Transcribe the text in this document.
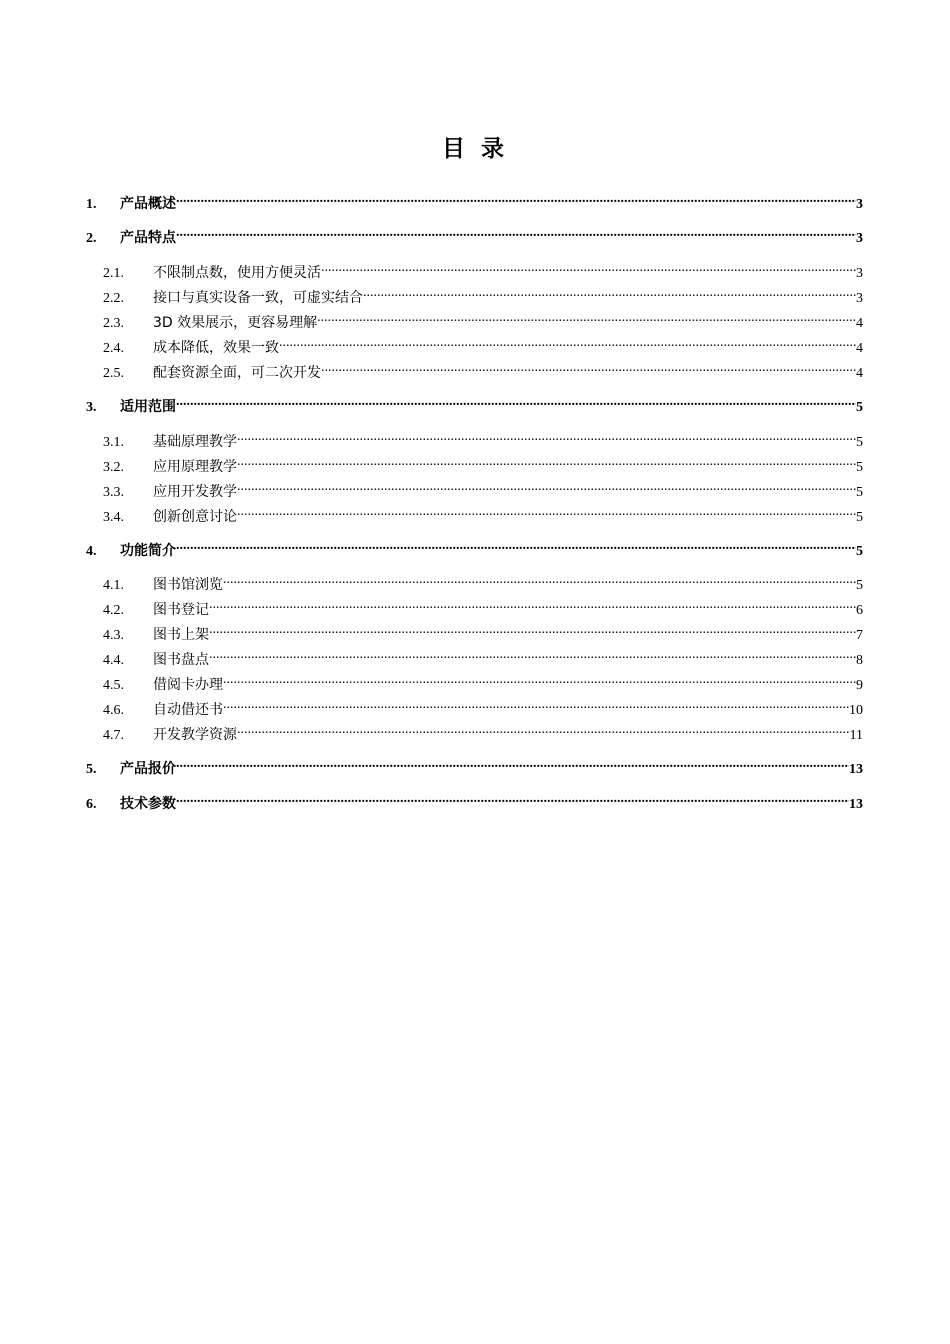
目 录
1.	产品概述 .....	3
2.	产品特点 .....	3
2.1.	不限制点数，使用方便灵活 .....	3
2.2.	接口与真实设备一致，可虚实结合 .....	3
2.3.	3D 效果展示，更容易理解 .....	4
2.4.	成本降低，效果一致 .....	4
2.5.	配套资源全面，可二次开发 .....	4
3.	适用范围 .....	5
3.1.	基础原理教学 .....	5
3.2.	应用原理教学 .....	5
3.3.	应用开发教学 .....	5
3.4.	创新创意讨论 .....	5
4.	功能简介 .....	5
4.1.	图书馆浏览 .....	5
4.2.	图书登记 .....	6
4.3.	图书上架 .....	7
4.4.	图书盘点 .....	8
4.5.	借阅卡办理 .....	9
4.6.	自动借还书 .....	10
4.7.	开发教学资源 .....	11
5.	产品报价 .....	13
6.	技术参数 .....	13
